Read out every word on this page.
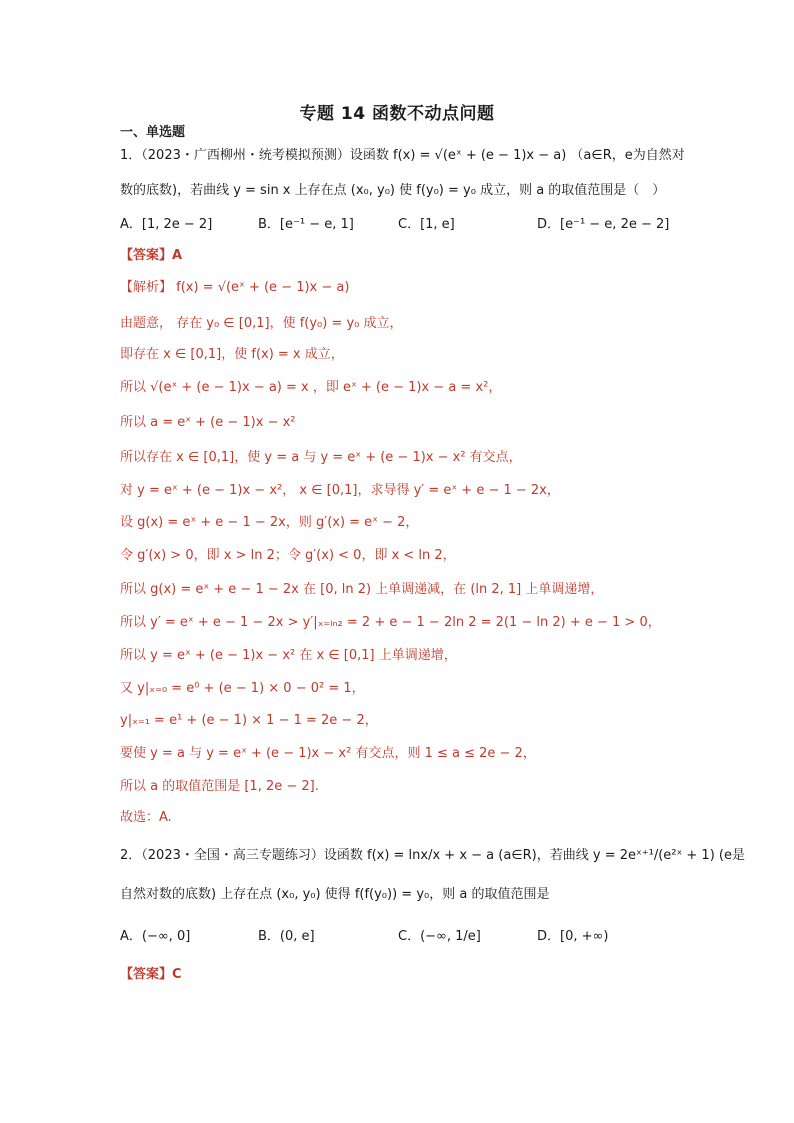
专题 14 函数不动点问题
一、单选题
1．（2023・广西柳州・统考模拟预测）设函数 f(x) = √(eˣ + (e − 1)x − a) （a∈R，e为自然对
数的底数)，若曲线 y = sin x 上存在点 (x₀, y₀) 使 f(y₀) = y₀ 成立，则 a 的取值范围是（　）
A．[1, 2e − 2]	B．[e⁻¹ − e, 1]	C．[1, e]	D．[e⁻¹ − e, 2e − 2]
【答案】A
【解析】 f(x) = √(eˣ + (e − 1)x − a)
由题意， 存在 y₀ ∈ [0,1]，使 f(y₀) = y₀ 成立，
即存在 x ∈ [0,1]，使 f(x) = x 成立，
所以 √(eˣ + (e − 1)x − a) = x ，即 eˣ + (e − 1)x − a = x²，
所以 a = eˣ + (e − 1)x − x²
所以存在 x ∈ [0,1]，使 y = a 与 y = eˣ + (e − 1)x − x² 有交点，
对 y = eˣ + (e − 1)x − x²， x ∈ [0,1]，求导得 y′ = eˣ + e − 1 − 2x，
设 g(x) = eˣ + e − 1 − 2x，则 g′(x) = eˣ − 2，
令 g′(x) > 0，即 x > ln 2；令 g′(x) < 0，即 x < ln 2，
所以 g(x) = eˣ + e − 1 − 2x 在 [0, ln 2) 上单调递减，在 (ln 2, 1] 上单调递增，
所以 y′ = eˣ + e − 1 − 2x > y′|ₓ₌ₗₙ₂ = 2 + e − 1 − 2ln 2 = 2(1 − ln 2) + e − 1 > 0，
所以 y = eˣ + (e − 1)x − x² 在 x ∈ [0,1] 上单调递增，
又 y|ₓ₌₀ = e⁰ + (e − 1) × 0 − 0² = 1，
y|ₓ₌₁ = e¹ + (e − 1) × 1 − 1 = 2e − 2，
要使 y = a 与 y = eˣ + (e − 1)x − x² 有交点，则 1 ≤ a ≤ 2e − 2，
所以 a 的取值范围是 [1, 2e − 2].
故选：A.
2．（2023・全国・高三专题练习）设函数 f(x) = lnx/x + x − a (a∈R)，若曲线 y = 2eˣ⁺¹/(e²ˣ + 1) (e是
自然对数的底数) 上存在点 (x₀, y₀) 使得 f(f(y₀)) = y₀，则 a 的取值范围是
A．(−∞, 0]	B．(0, e]	C．(−∞, 1/e]	D．[0, +∞)
【答案】C
